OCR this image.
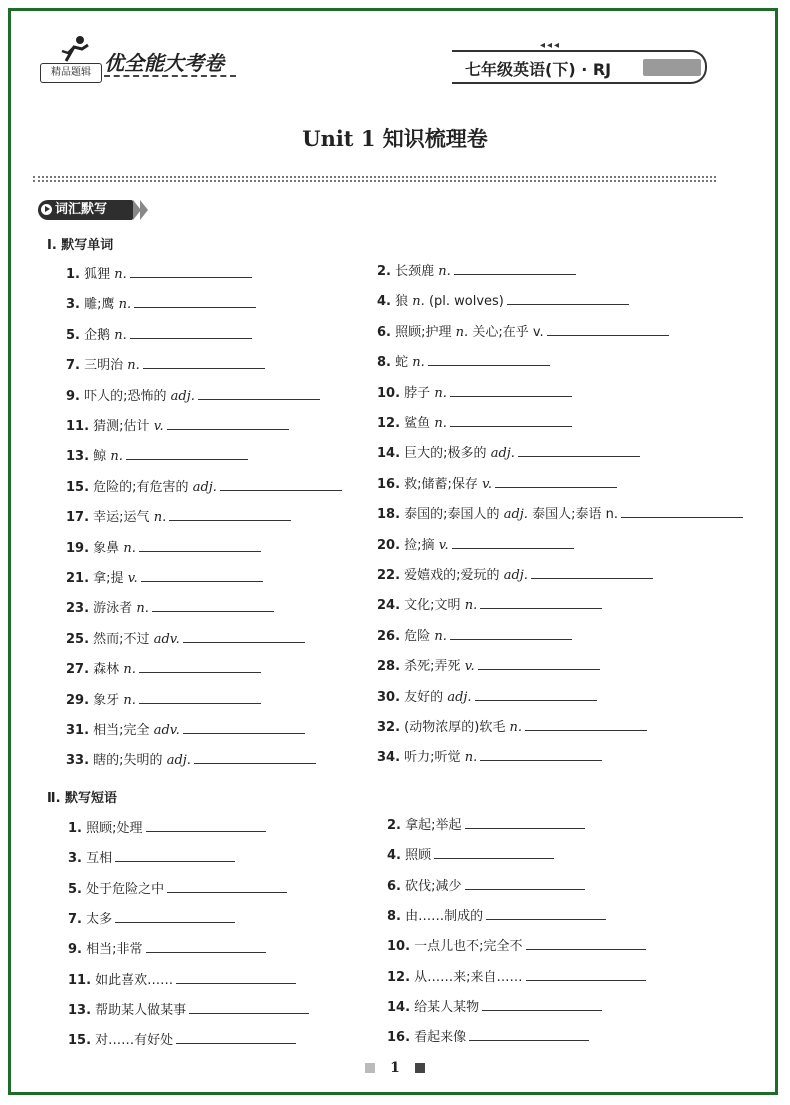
精品题辑 优全能大考卷
◂◂◂
七年级英语(下) · RJ
Unit 1 知识梳理卷
词汇默写
Ⅰ. 默写单词
1. 狐狸 n.
3. 雕;鹰 n.
5. 企鹅 n.
7. 三明治 n.
9. 吓人的;恐怖的 adj.
11. 猜测;估计 v.
13. 鲸 n.
15. 危险的;有危害的 adj.
17. 幸运;运气 n.
19. 象鼻 n.
21. 拿;提 v.
23. 游泳者 n.
25. 然而;不过 adv.
27. 森林 n.
29. 象牙 n.
31. 相当;完全 adv.
33. 瞎的;失明的 adj.
2. 长颈鹿 n.
4. 狼 n. (pl. wolves)
6. 照顾;护理 n. 关心;在乎 v.
8. 蛇 n.
10. 脖子 n.
12. 鲨鱼 n.
14. 巨大的;极多的 adj.
16. 救;储蓄;保存 v.
18. 泰国的;泰国人的 adj. 泰国人;泰语 n.
20. 捡;摘 v.
22. 爱嬉戏的;爱玩的 adj.
24. 文化;文明 n.
26. 危险 n.
28. 杀死;弄死 v.
30. 友好的 adj.
32. (动物浓厚的)软毛 n.
34. 听力;听觉 n.
Ⅱ. 默写短语
1. 照顾;处理
3. 互相
5. 处于危险之中
7. 太多
9. 相当;非常
11. 如此喜欢……
13. 帮助某人做某事
15. 对……有好处
2. 拿起;举起
4. 照顾
6. 砍伐;减少
8. 由……制成的
10. 一点儿也不;完全不
12. 从……来;来自……
14. 给某人某物
16. 看起来像
1
